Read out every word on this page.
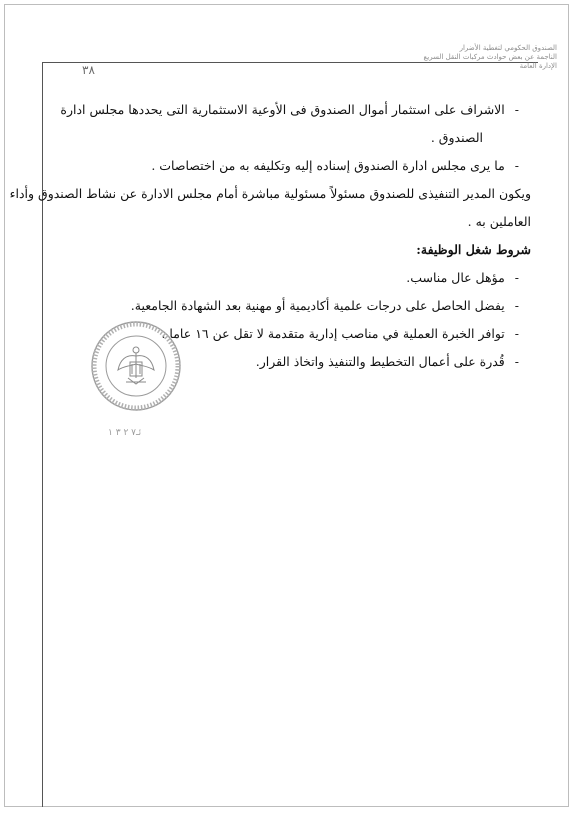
الصندوق الحكومي لتغطية الأضرار
الناجمة عن بعض حوادث مركبات النقل السريع
الإدارة العامة
٣٨
- الاشراف على استثمار أموال الصندوق فى الأوعية الاستثمارية التى يحددها مجلس ادارة
الصندوق .
- ما يرى مجلس ادارة الصندوق إسناده إليه وتكليفه به من اختصاصات .
ويكون المدير التنفيذى للصندوق مسئولاً مسئولية مباشرة أمام مجلس الادارة عن نشاط الصندوق وأداء
العاملين به .
شروط شغل الوظيفة:
- مؤهل عال مناسب.
- يفضل الحاصل على درجات علمية أكاديمية أو مهنية بعد الشهادة الجامعية.
- توافر الخبرة العملية في مناصب إدارية متقدمة لا تقل عن ١٦ عاما .
- قُدرة على أعمال التخطيط والتنفيذ واتخاذ القرار.
ئـ٧ ٢ ٣ ١
